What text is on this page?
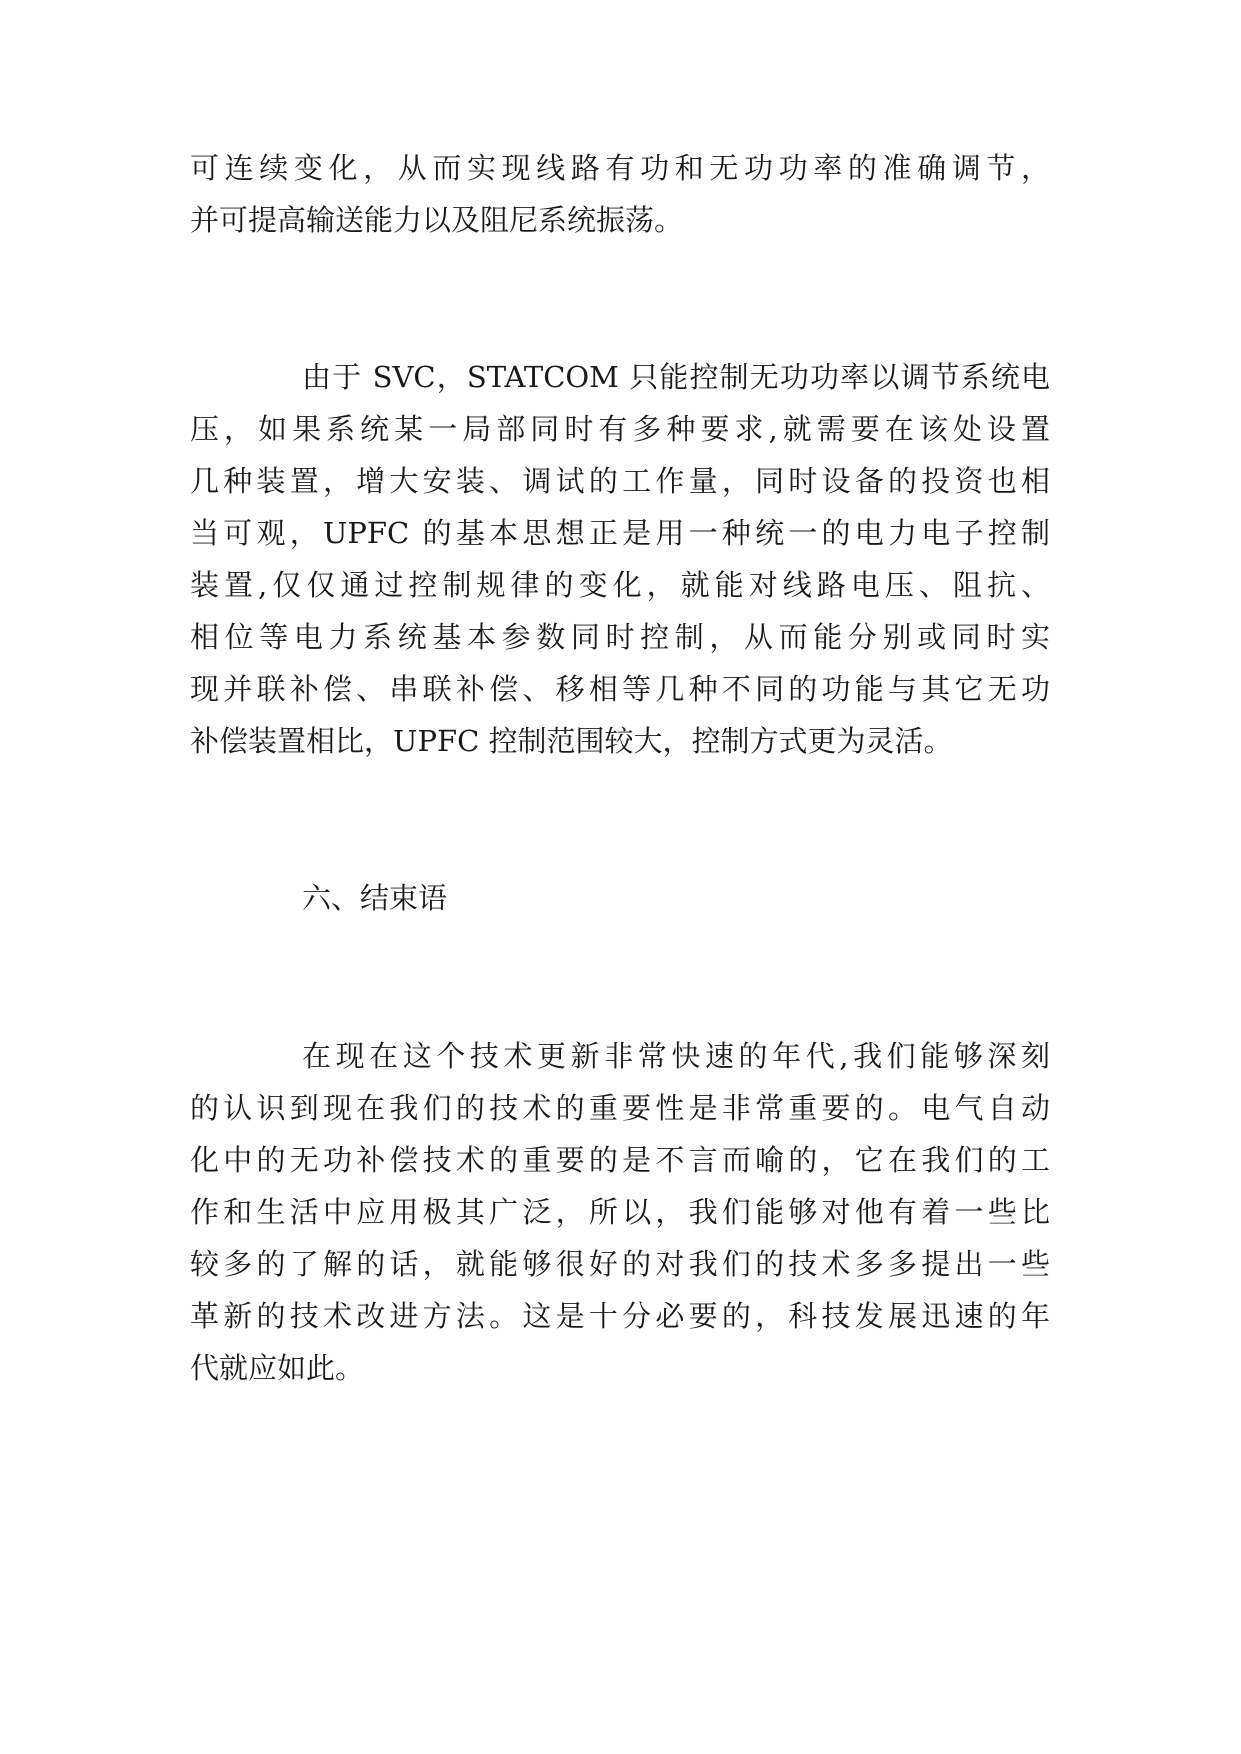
可连续变化，从而实现线路有功和无功功率的准确调节，
并可提高输送能力以及阻尼系统振荡。
由于 SVC，STATCOM 只能控制无功功率以调节系统电
压，如果系统某一局部同时有多种要求,就需要在该处设置
几种装置，增大安装、调试的工作量，同时设备的投资也相
当可观，UPFC 的基本思想正是用一种统一的电力电子控制
装置,仅仅通过控制规律的变化，就能对线路电压、阻抗、
相位等电力系统基本参数同时控制，从而能分别或同时实
现并联补偿、串联补偿、移相等几种不同的功能与其它无功
补偿装置相比，UPFC 控制范围较大，控制方式更为灵活。
六、结束语
在现在这个技术更新非常快速的年代,我们能够深刻
的认识到现在我们的技术的重要性是非常重要的。电气自动
化中的无功补偿技术的重要的是不言而喻的，它在我们的工
作和生活中应用极其广泛，所以，我们能够对他有着一些比
较多的了解的话，就能够很好的对我们的技术多多提出一些
革新的技术改进方法。这是十分必要的，科技发展迅速的年
代就应如此。
